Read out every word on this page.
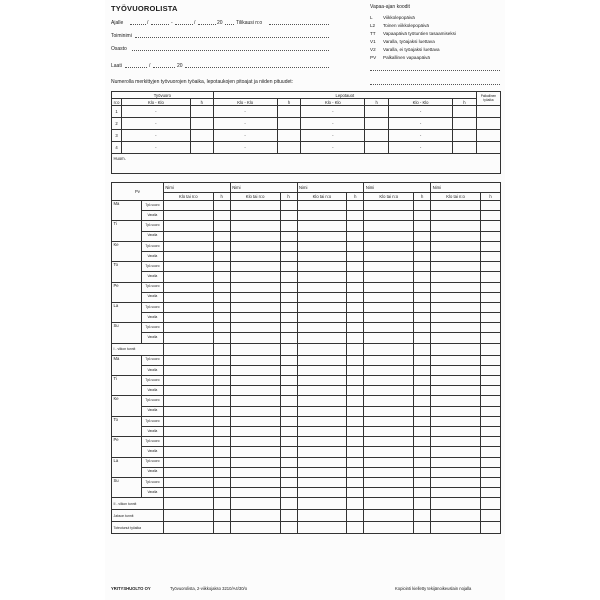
TYÖVUOROLISTA
Ajalle	/	-	/	20	Tilikausi n:o
Toiminimi
Osasto
Laati	/	20
Vapaa-ajan koodit
L Viikkolepopäivä
L2 Toinen viikkolepopäivä
TT Vapaapäivä työtuntien tasaamiseksi
V1 Varalla, työajaksi luettava
V2 Varalla, ei työajaksi luettava
PV Palkallinen vapaapäivä
Numerolla merkittyjen työvuorojen työaika, lepotaukojen pitoajat ja niiden pituudet:
Työvuoro			Lepotauot						Palkallinen työaika
n:o	Klo - Klo	h	Klo - Klo	h	Klo - Klo	h	Klo - Klo	h	
1	-		-		-		-		
2	-		-		-		-		
3	-		-		-		-		
4	-		-		-		-		
Huom.									
Pv		Nimi		Nimi		Nimi		Nimi		Nimi	
		Klo tai n:o	h	Klo tai n:o	h	Klo tai n:o	h	Klo tai n:o	h	Klo tai n:o	h
Ma	Työ-vuoro										
	Varalla										
Ti	Työ-vuoro										
	Varalla										
Ke	Työ-vuoro										
	Varalla										
To	Työ-vuoro										
	Varalla										
Pe	Työ-vuoro										
	Varalla										
La	Työ-vuoro										
	Varalla										
Su	Työ-vuoro										
	Varalla										
I - viikon tunnit											
Ma	Työ-vuoro										
	Varalla										
Ti	Työ-vuoro										
	Varalla										
Ke	Työ-vuoro										
	Varalla										
To	Työ-vuoro										
	Varalla										
Pe	Työ-vuoro										
	Varalla										
La	Työ-vuoro										
	Varalla										
Su	Työ-vuoro										
	Varalla										
II - viikon tunnit											
Jakson tunnit											
Toteutunut työaika											
YRITYSHUOLTO OY	Työvuorolista, 2-viikkojakso 3210/A4/30/o	Kopiointi kielletty tekijänoikeuslain nojalla
